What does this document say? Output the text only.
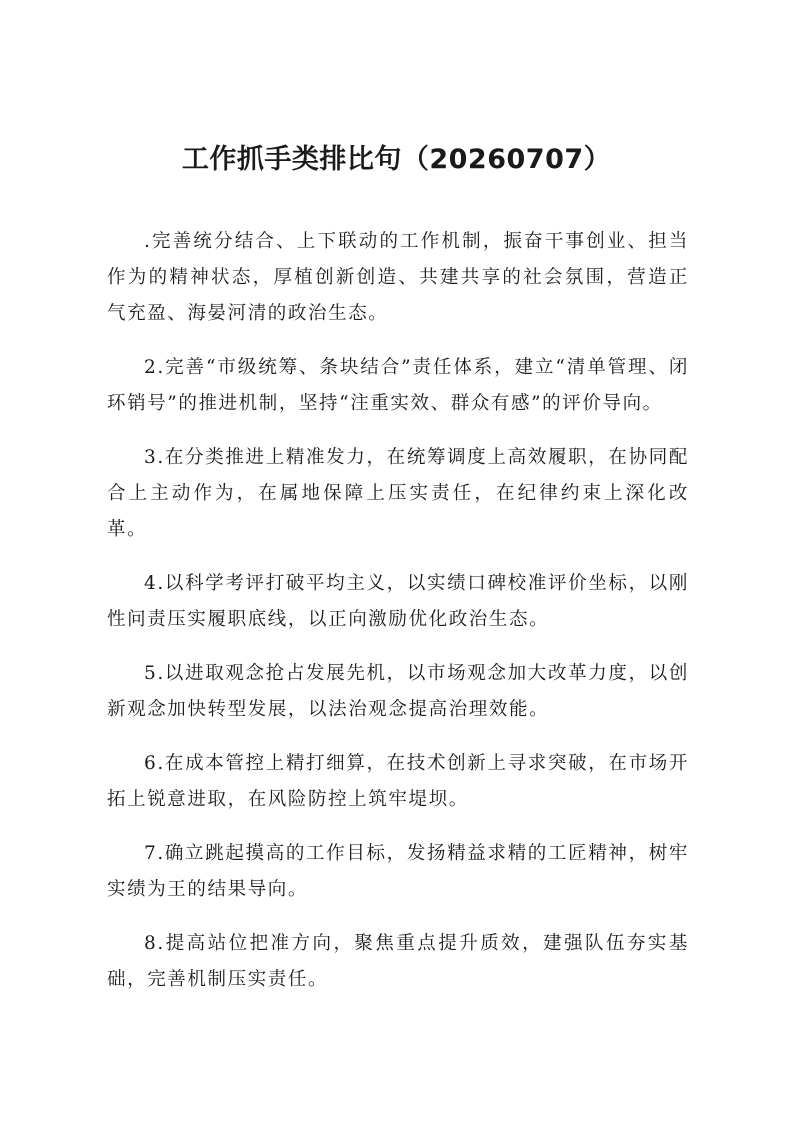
工作抓手类排比句（20260707）

.完善统分结合、上下联动的工作机制，振奋干事创业、担当作为的精神状态，厚植创新创造、共建共享的社会氛围，营造正气充盈、海晏河清的政治生态。

2.完善“市级统筹、条块结合”责任体系，建立“清单管理、闭环销号”的推进机制，坚持“注重实效、群众有感”的评价导向。

3.在分类推进上精准发力，在统筹调度上高效履职，在协同配合上主动作为，在属地保障上压实责任，在纪律约束上深化改革。

4.以科学考评打破平均主义，以实绩口碑校准评价坐标，以刚性问责压实履职底线，以正向激励优化政治生态。

5.以进取观念抢占发展先机，以市场观念加大改革力度，以创新观念加快转型发展，以法治观念提高治理效能。

6.在成本管控上精打细算，在技术创新上寻求突破，在市场开拓上锐意进取，在风险防控上筑牢堤坝。

7.确立跳起摸高的工作目标，发扬精益求精的工匠精神，树牢实绩为王的结果导向。

8.提高站位把准方向，聚焦重点提升质效，建强队伍夯实基础，完善机制压实责任。
